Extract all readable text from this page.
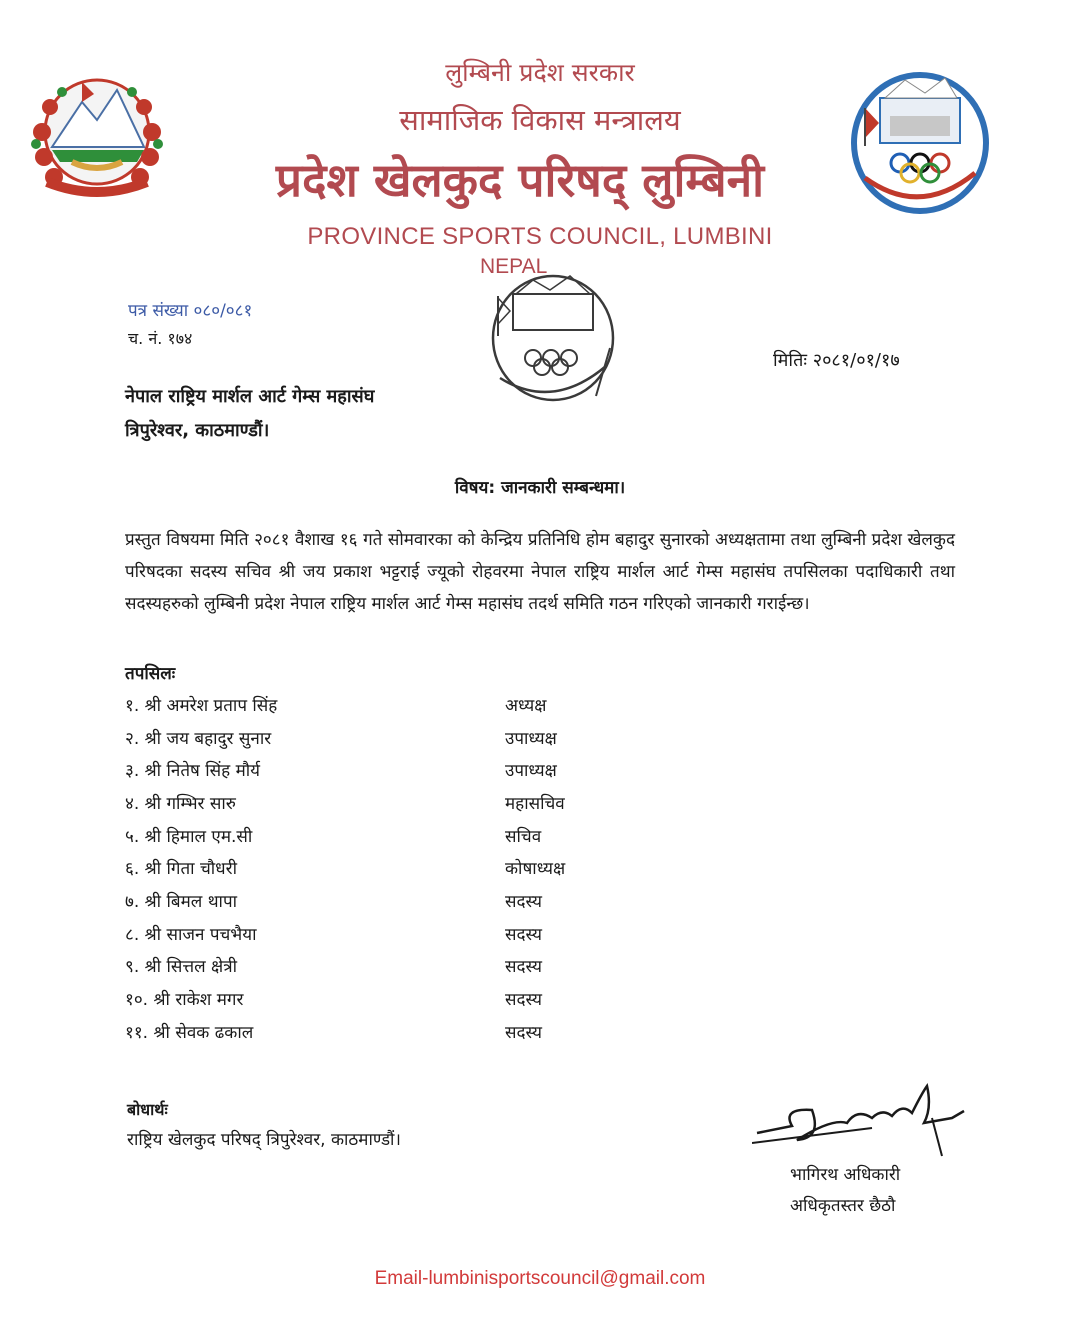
लुम्बिनी प्रदेश सरकार
सामाजिक विकास मन्त्रालय
प्रदेश खेलकुद परिषद् लुम्बिनी
PROVINCE SPORTS COUNCIL, LUMBINI
NEPAL
पत्र संख्या ०८०/०८१
च. नं. १७४
मितिः २०८१/०१/१७
नेपाल राष्ट्रिय मार्शल आर्ट गेम्स महासंघ
त्रिपुरेश्वर, काठमाण्डौं।
विषय: जानकारी सम्बन्धमा।
प्रस्तुत विषयमा मिति २०८१ वैशाख १६ गते सोमवारका को केन्द्रिय प्रतिनिधि होम बहादुर सुनारको अध्यक्षतामा तथा लुम्बिनी प्रदेश खेलकुद परिषदका सदस्य सचिव श्री जय प्रकाश भट्टराई ज्यूको रोहवरमा नेपाल राष्ट्रिय मार्शल आर्ट गेम्स महासंघ तपसिलका पदाधिकारी तथा सदस्यहरुको लुम्बिनी प्रदेश नेपाल राष्ट्रिय मार्शल आर्ट गेम्स महासंघ तदर्थ समिति गठन गरिएको जानकारी गराईन्छ।
तपसिलः
१. श्री अमरेश प्रताप सिंह	अध्यक्ष
२. श्री जय बहादुर सुनार	उपाध्यक्ष
३. श्री नितेष सिंह मौर्य	उपाध्यक्ष
४. श्री गम्भिर सारु	महासचिव
५. श्री हिमाल एम.सी	सचिव
६. श्री गिता चौधरी	कोषाध्यक्ष
७. श्री बिमल थापा	सदस्य
८. श्री साजन पचभैया	सदस्य
९. श्री सित्तल क्षेत्री	सदस्य
१०. श्री राकेश मगर	सदस्य
११. श्री सेवक ढकाल	सदस्य
बोधार्थः
राष्ट्रिय खेलकुद परिषद् त्रिपुरेश्वर, काठमाण्डौं।
भागिरथ अधिकारी
अधिकृतस्तर छैठौ
Email-lumbinisportscouncil@gmail.com
